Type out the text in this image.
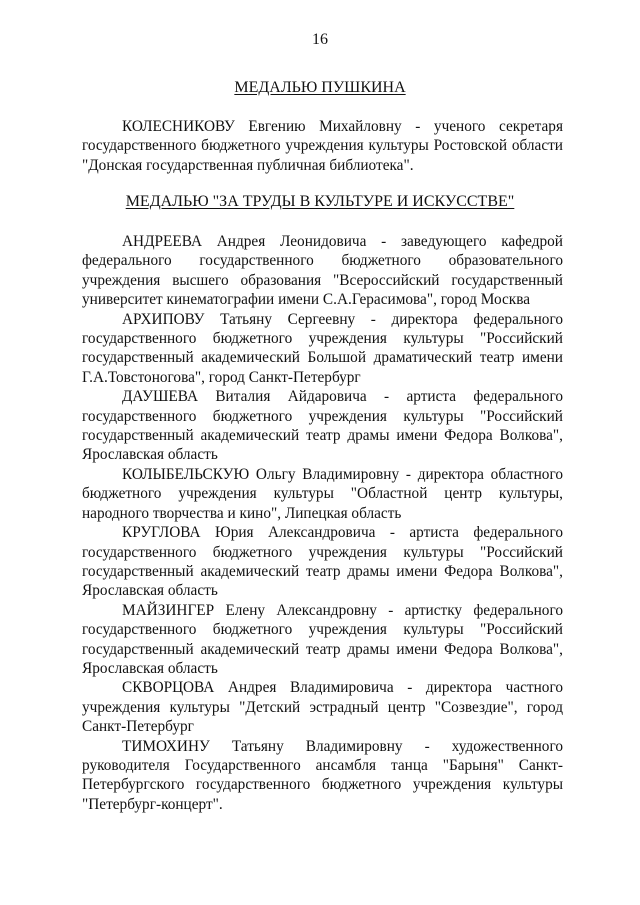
16
МЕДАЛЬЮ ПУШКИНА

КОЛЕСНИКОВУ Евгению Михайловну - ученого секретаря государственного бюджетного учреждения культуры Ростовской области "Донская государственная публичная библиотека".

МЕДАЛЬЮ "ЗА ТРУДЫ В КУЛЬТУРЕ И ИСКУССТВЕ"

АНДРЕЕВА Андрея Леонидовича - заведующего кафедрой федерального государственного бюджетного образовательного учреждения высшего образования "Всероссийский государственный университет кинематографии имени С.А.Герасимова", город Москва

АРХИПОВУ Татьяну Сергеевну - директора федерального государственного бюджетного учреждения культуры "Российский государственный академический Большой драматический театр имени Г.А.Товстоногова", город Санкт-Петербург

ДАУШЕВА Виталия Айдаровича - артиста федерального государственного бюджетного учреждения культуры "Российский государственный академический театр драмы имени Федора Волкова", Ярославская область

КОЛЫБЕЛЬСКУЮ Ольгу Владимировну - директора областного бюджетного учреждения культуры "Областной центр культуры, народного творчества и кино", Липецкая область

КРУГЛОВА Юрия Александровича - артиста федерального государственного бюджетного учреждения культуры "Российский государственный академический театр драмы имени Федора Волкова", Ярославская область

МАЙЗИНГЕР Елену Александровну - артистку федерального государственного бюджетного учреждения культуры "Российский государственный академический театр драмы имени Федора Волкова", Ярославская область

СКВОРЦОВА Андрея Владимировича - директора частного учреждения культуры "Детский эстрадный центр "Созвездие", город Санкт-Петербург

ТИМОХИНУ Татьяну Владимировну - художественного руководителя Государственного ансамбля танца "Барыня" Санкт-Петербургского государственного бюджетного учреждения культуры "Петербург-концерт".
